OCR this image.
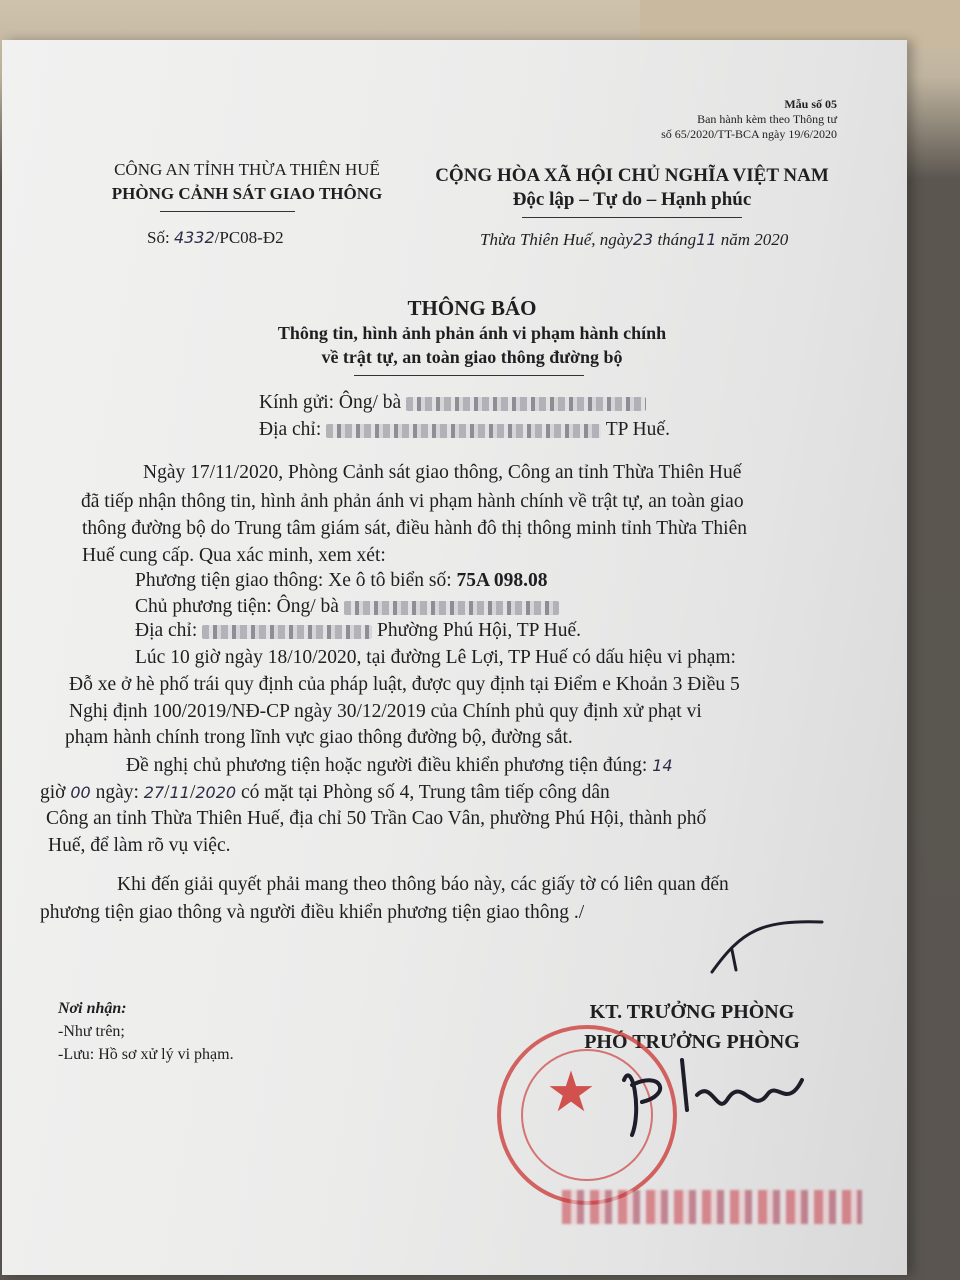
Mẫu số 05
Ban hành kèm theo Thông tư
số 65/2020/TT-BCA ngày 19/6/2020
CÔNG AN TỈNH THỪA THIÊN HUẾ
PHÒNG CẢNH SÁT GIAO THÔNG
CỘNG HÒA XÃ HỘI CHỦ NGHĨA VIỆT NAM
Độc lập – Tự do – Hạnh phúc
Số: 4332/PC08-Đ2	Thừa Thiên Huế, ngày23 tháng11 năm 2020
THÔNG BÁO
Thông tin, hình ảnh phản ánh vi phạm hành chính
về trật tự, an toàn giao thông đường bộ
Kính gửi: Ông/ bà
Địa chỉ:	TP Huế.
Ngày 17/11/2020, Phòng Cảnh sát giao thông, Công an tỉnh Thừa Thiên Huế
đã tiếp nhận thông tin, hình ảnh phản ánh vi phạm hành chính về trật tự, an toàn giao
thông đường bộ do Trung tâm giám sát, điều hành đô thị thông minh tỉnh Thừa Thiên
Huế cung cấp. Qua xác minh, xem xét:
Phương tiện giao thông: Xe ô tô biển số: 75A 098.08
Chủ phương tiện: Ông/ bà
Địa chỉ:	Phường Phú Hội, TP Huế.
Lúc 10 giờ ngày 18/10/2020, tại đường Lê Lợi, TP Huế có dấu hiệu vi phạm:
Đỗ xe ở hè phố trái quy định của pháp luật, được quy định tại Điểm e Khoản 3 Điều 5
Nghị định 100/2019/NĐ-CP ngày 30/12/2019 của Chính phủ quy định xử phạt vi
phạm hành chính trong lĩnh vực giao thông đường bộ, đường sắt.
Đề nghị chủ phương tiện hoặc người điều khiển phương tiện đúng: 14
giờ 00 ngày: 27/11/2020 có mặt tại Phòng số 4, Trung tâm tiếp công dân
Công an tỉnh Thừa Thiên Huế, địa chỉ 50 Trần Cao Vân, phường Phú Hội, thành phố
Huế, để làm rõ vụ việc.
Khi đến giải quyết phải mang theo thông báo này, các giấy tờ có liên quan đến
phương tiện giao thông và người điều khiển phương tiện giao thông ./
Nơi nhận:
-Như trên;
-Lưu: Hồ sơ xử lý vi phạm.
KT. TRƯỞNG PHÒNG
PHÓ TRƯỞNG PHÒNG
★
